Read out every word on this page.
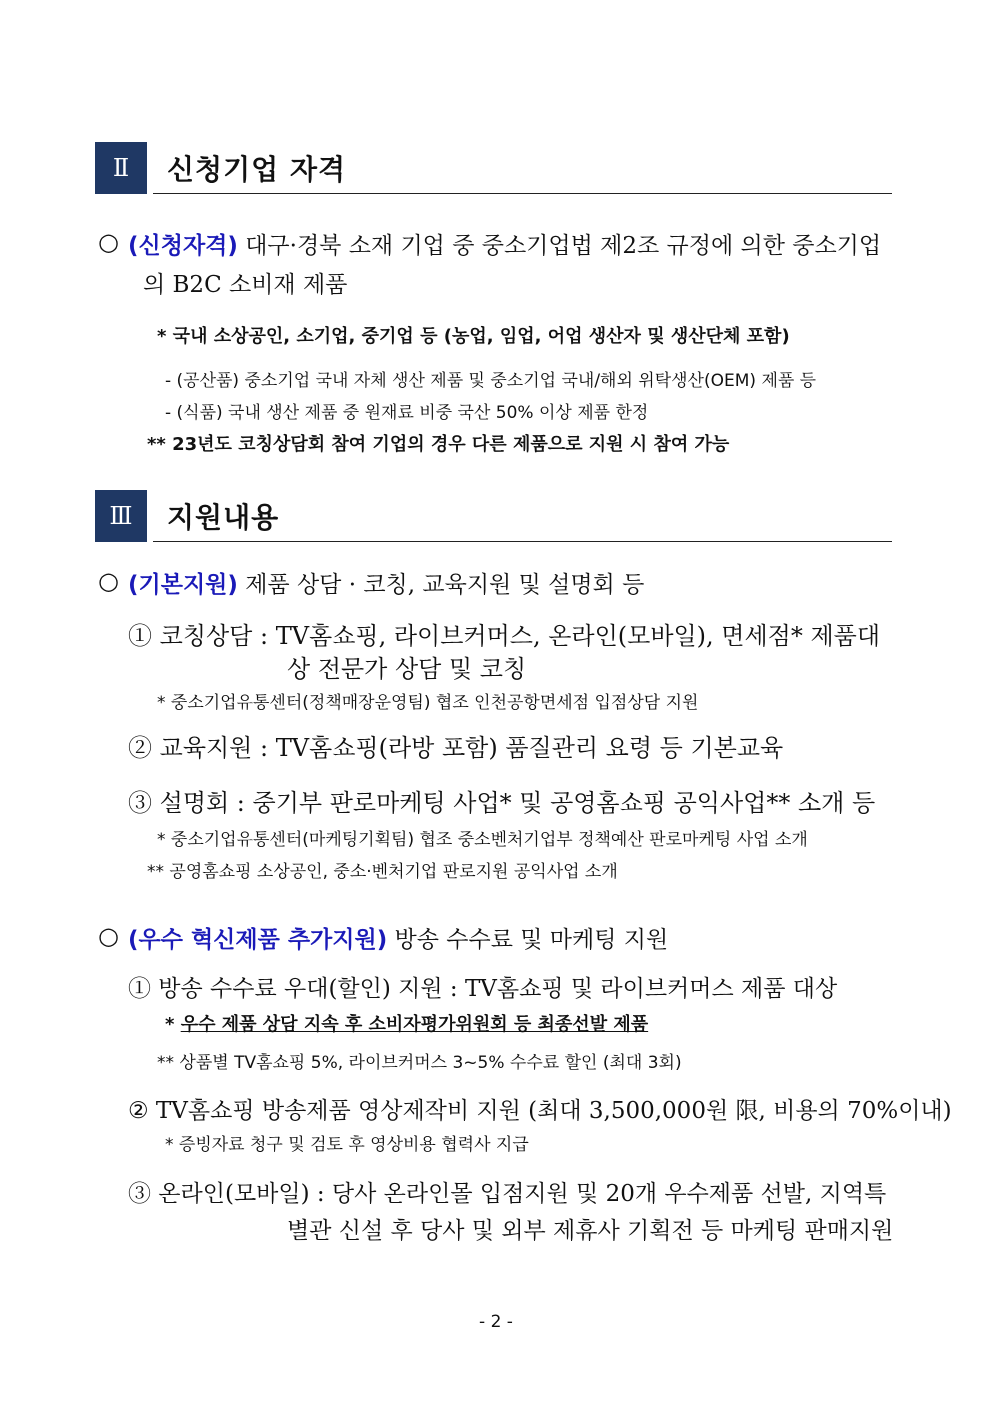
Ⅱ	신청기업 자격
○ (신청자격) 대구·경북 소재 기업 중 중소기업법 제2조 규정에 의한 중소기업
의 B2C 소비재 제품
* 국내 소상공인, 소기업, 중기업 등 (농업, 임업, 어업 생산자 및 생산단체 포함)
- (공산품) 중소기업 국내 자체 생산 제품 및 중소기업 국내/해외 위탁생산(OEM) 제품 등
- (식품) 국내 생산 제품 중 원재료 비중 국산 50% 이상 제품 한정
** 23년도 코칭상담회 참여 기업의 경우 다른 제품으로 지원 시 참여 가능
Ⅲ	지원내용
○ (기본지원) 제품 상담 · 코칭, 교육지원 및 설명회 등
① 코칭상담 : TV홈쇼핑, 라이브커머스, 온라인(모바일), 면세점* 제품대
상 전문가 상담 및 코칭
* 중소기업유통센터(정책매장운영팀) 협조 인천공항면세점 입점상담 지원
② 교육지원 : TV홈쇼핑(라방 포함) 품질관리 요령 등 기본교육
③ 설명회 : 중기부 판로마케팅 사업* 및 공영홈쇼핑 공익사업** 소개 등
* 중소기업유통센터(마케팅기획팀) 협조 중소벤처기업부 정책예산 판로마케팅 사업 소개
** 공영홈쇼핑 소상공인, 중소·벤처기업 판로지원 공익사업 소개
○ (우수 혁신제품 추가지원) 방송 수수료 및 마케팅 지원
① 방송 수수료 우대(할인) 지원 : TV홈쇼핑 및 라이브커머스 제품 대상
* 우수 제품 상담 지속 후 소비자평가위원회 등 최종선발 제품
** 상품별 TV홈쇼핑 5%, 라이브커머스 3~5% 수수료 할인 (최대 3회)
② TV홈쇼핑 방송제품 영상제작비 지원 (최대 3,500,000원 限, 비용의 70%이내)
* 증빙자료 청구 및 검토 후 영상비용 협력사 지급
③ 온라인(모바일) : 당사 온라인몰 입점지원 및 20개 우수제품 선발, 지역특
별관 신설 후 당사 및 외부 제휴사 기획전 등 마케팅 판매지원
- 2 -
